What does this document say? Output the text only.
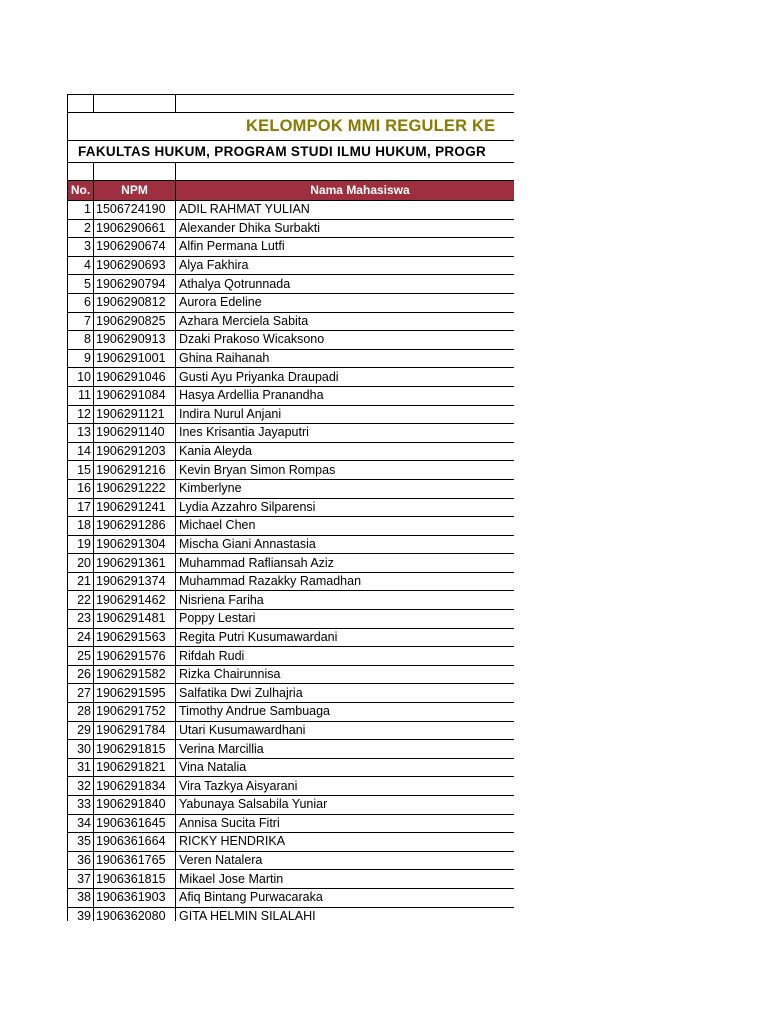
KELOMPOK MMI REGULER KE		
FAKULTAS HUKUM, PROGRAM STUDI ILMU HUKUM, PROGR		

No.	NPM	Nama Mahasiswa
1	1506724190	ADIL RAHMAT YULIAN
2	1906290661	Alexander Dhika Surbakti
3	1906290674	Alfin Permana Lutfi
4	1906290693	Alya Fakhira
5	1906290794	Athalya Qotrunnada
6	1906290812	Aurora Edeline
7	1906290825	Azhara Merciela Sabita
8	1906290913	Dzaki Prakoso Wicaksono
9	1906291001	Ghina Raihanah
10	1906291046	Gusti Ayu Priyanka Draupadi
11	1906291084	Hasya Ardellia Pranandha
12	1906291121	Indira Nurul Anjani
13	1906291140	Ines Krisantia Jayaputri
14	1906291203	Kania Aleyda
15	1906291216	Kevin Bryan Simon Rompas
16	1906291222	Kimberlyne
17	1906291241	Lydia Azzahro Silparensi
18	1906291286	Michael Chen
19	1906291304	Mischa Giani Annastasia
20	1906291361	Muhammad Rafliansah Aziz
21	1906291374	Muhammad Razakky Ramadhan
22	1906291462	Nisriena Fariha
23	1906291481	Poppy Lestari
24	1906291563	Regita Putri Kusumawardani
25	1906291576	Rifdah Rudi
26	1906291582	Rizka Chairunnisa
27	1906291595	Salfatika Dwi Zulhajria
28	1906291752	Timothy Andrue Sambuaga
29	1906291784	Utari Kusumawardhani
30	1906291815	Verina Marcillia
31	1906291821	Vina Natalia
32	1906291834	Vira Tazkya Aisyarani
33	1906291840	Yabunaya Salsabila Yuniar
34	1906361645	Annisa Sucita Fitri
35	1906361664	RICKY HENDRIKA
36	1906361765	Veren Natalera
37	1906361815	Mikael Jose Martin
38	1906361903	Afiq Bintang Purwacaraka
39	1906362080	GITA HELMIN SILALAHI
